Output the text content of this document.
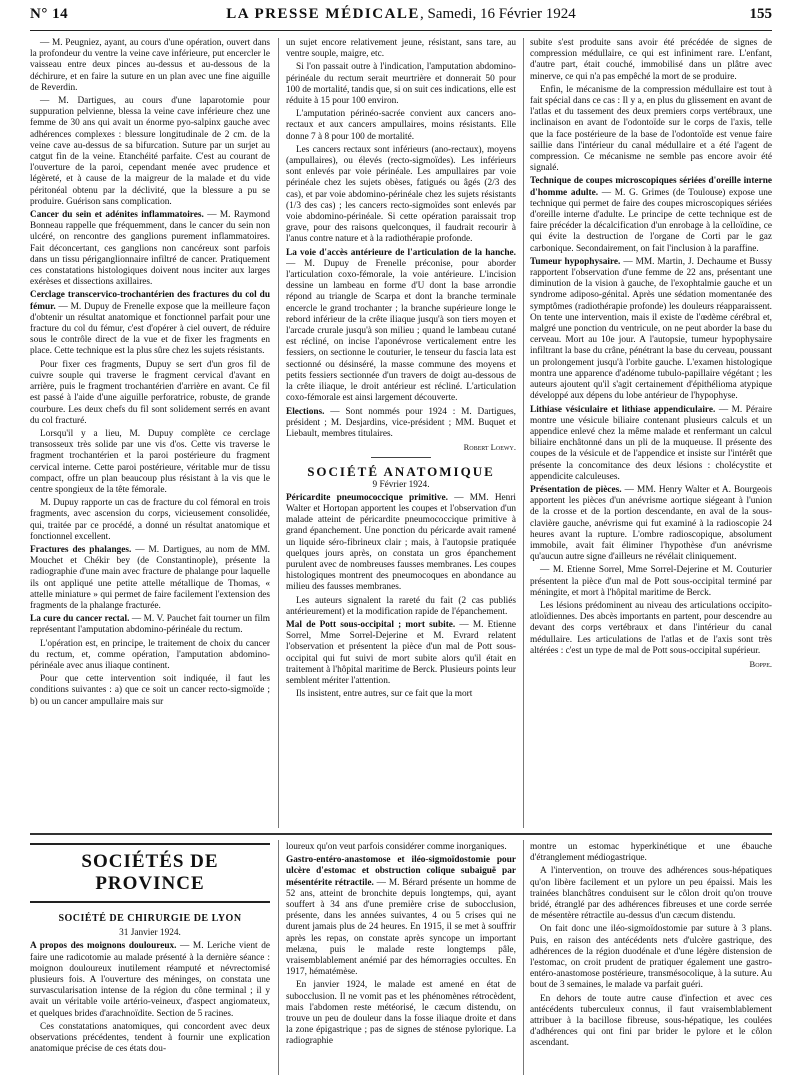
N° 14	LA PRESSE MÉDICALE, Samedi, 16 Février 1924	155

— M. Peugniez, ayant, au cours d'une opération, ouvert dans la profondeur du ventre la veine cave inférieure, put encercler le vaisseau entre deux pinces au-dessus et au-dessous de la déchirure, et en faire la suture en un plan avec une fine aiguille de Reverdin.

— M. Dartigues, au cours d'une laparotomie pour suppuration pelvienne, blessa la veine cave inférieure chez une femme de 30 ans qui avait un énorme pyo-salpinx gauche avec adhérences complexes : blessure longitudinale de 2 cm. de la veine cave au-dessus de sa bifurcation. Suture par un surjet au catgut fin de la veine. Etanchéité parfaite. C'est au courant de l'ouverture de la paroi, cependant menée avec prudence et légèreté, et à cause de la maigreur de la malade et du vide péritonéal obtenu par la déclivité, que la blessure a pu se produire. Guérison sans complication.

Cancer du sein et adénites inflammatoires. — M. Raymond Bonneau rappelle que fréquemment, dans le cancer du sein non ulcéré, on rencontre des ganglions purement inflammatoires. Fait déconcertant, ces ganglions non cancéreux sont parfois dans un tissu périganglionnaire infiltré de cancer. Pratiquement ces constatations histologiques doivent nous inciter aux larges exérèses et dissections axillaires.

Cerclage transcervico-trochantérien des fractures du col du fémur. — M. Dupuy de Frenelle expose que la meilleure façon d'obtenir un résultat anatomique et fonctionnel parfait pour une fracture du col du fémur, c'est d'opérer à ciel ouvert, de réduire sous le contrôle direct de la vue et de fixer les fragments en place. Cette technique est la plus sûre chez les sujets résistants.

Pour fixer ces fragments, Dupuy se sert d'un gros fil de cuivre souple qui traverse le fragment cervical d'avant en arrière, puis le fragment trochantérien d'arrière en avant. Ce fil est passé à l'aide d'une aiguille perforatrice, robuste, de grande courbure. Les deux chefs du fil sont solidement serrés en avant du col fracturé.

Lorsqu'il y a lieu, M. Dupuy complète ce cerclage transosseux très solide par une vis d'os. Cette vis traverse le fragment trochantérien et la paroi postérieure du fragment cervical interne. Cette paroi postérieure, véritable mur de tissu compact, offre un plan beaucoup plus résistant à la vis que le centre spongieux de la tête fémorale.

M. Dupuy rapporte un cas de fracture du col fémoral en trois fragments, avec ascension du corps, vicieusement consolidée, qui, traitée par ce procédé, a donné un résultat anatomique et fonctionnel excellent.

Fractures des phalanges. — M. Dartigues, au nom de MM. Mouchet et Chékir bey (de Constantinople), présente la radiographie d'une main avec fracture de phalange pour laquelle ils ont appliqué une petite attelle métallique de Thomas, « attelle miniature » qui permet de faire facilement l'extension des fragments de la phalange fracturée.

La cure du cancer rectal. — M. V. Pauchet fait tourner un film représentant l'amputation abdomino-périnéale du rectum.

L'opération est, en principe, le traitement de choix du cancer du rectum, et, comme opération, l'amputation abdomino-périnéale avec anus iliaque continent.

Pour que cette intervention soit indiquée, il faut les conditions suivantes : a) que ce soit un cancer recto-sigmoïde ; b) ou un cancer ampullaire mais sur

un sujet encore relativement jeune, résistant, sans tare, au ventre souple, maigre, etc.

Si l'on passait outre à l'indication, l'amputation abdomino-périnéale du rectum serait meurtrière et donnerait 50 pour 100 de mortalité, tandis que, si on suit ces indications, elle est réduite à 15 pour 100 environ.

L'amputation périnéo-sacrée convient aux cancers ano-rectaux et aux cancers ampullaires, moins résistants. Elle donne 7 à 8 pour 100 de mortalité.

Les cancers rectaux sont inférieurs (ano-rectaux), moyens (ampullaires), ou élevés (recto-sigmoïdes). Les inférieurs sont enlevés par voie périnéale. Les ampullaires par voie périnéale chez les sujets obèses, fatigués ou âgés (2/3 des cas), et par voie abdomino-périnéale chez les sujets résistants (1/3 des cas) ; les cancers recto-sigmoïdes sont enlevés par voie abdomino-périnéale. Si cette opération paraissait trop grave, pour des raisons quelconques, il faudrait recourir à l'anus contre nature et à la radiothérapie profonde.

La voie d'accès antérieure de l'articulation de la hanche. — M. Dupuy de Frenelle préconise, pour aborder l'articulation coxo-fémorale, la voie antérieure. L'incision dessine un lambeau en forme d'U dont la base arrondie répond au triangle de Scarpa et dont la branche terminale encercle le grand trochanter ; la branche supérieure longe le rebord inférieur de la crête iliaque jusqu'à son tiers moyen et l'arcade crurale jusqu'à son milieu ; quand le lambeau cutané est récliné, on incise l'aponévrose verticalement entre les fessiers, on sectionne le couturier, le tenseur du fascia lata est sectionné ou désinséré, la masse commune des moyens et petits fessiers sectionnée d'un travers de doigt au-dessous de la crête iliaque, le droit antérieur est récliné. L'articulation coxo-fémorale est ainsi largement découverte.

Elections. — Sont nommés pour 1924 : M. Dartigues, président ; M. Desjardins, vice-président ; MM. Buquet et Liebault, membres titulaires.

Robert Loewy.
SOCIÉTÉ ANATOMIQUE

9 Février 1924.

Péricardite pneumococcique primitive. — MM. Henri Walter et Hortopan apportent les coupes et l'observation d'un malade atteint de péricardite pneumococcique primitive à grand épanchement. Une ponction du péricarde avait ramené un liquide séro-fibrineux clair ; mais, à l'autopsie pratiquée quelques jours après, on constata un gros épanchement purulent avec de nombreuses fausses membranes. Les coupes histologiques montrent des pneumocoques en abondance au milieu des fausses membranes.

Les auteurs signalent la rareté du fait (2 cas publiés antérieurement) et la modification rapide de l'épanchement.

Mal de Pott sous-occipital ; mort subite. — M. Etienne Sorrel, Mme Sorrel-Dejerine et M. Evrard relatent l'observation et présentent la pièce d'un mal de Pott sous-occipital qui fut suivi de mort subite alors qu'il était en traitement à l'hôpital maritime de Berck. Plusieurs points leur semblent mériter l'attention.

Ils insistent, entre autres, sur ce fait que la mort

subite s'est produite sans avoir été précédée de signes de compression médullaire, ce qui est infiniment rare. L'enfant, d'autre part, était couché, immobilisé dans un plâtre avec minerve, ce qui n'a pas empêché la mort de se produire.

Enfin, le mécanisme de la compression médullaire est tout à fait spécial dans ce cas : Il y a, en plus du glissement en avant de l'atlas et du tassement des deux premiers corps vertébraux, une inclinaison en avant de l'odontoïde sur le corps de l'axis, telle que la face postérieure de la base de l'odontoïde est venue faire saillie dans l'intérieur du canal médullaire et a été l'agent de compression. Ce mécanisme ne semble pas encore avoir été signalé.

Technique de coupes microscopiques sériées d'oreille interne d'homme adulte. — M. G. Grimes (de Toulouse) expose une technique qui permet de faire des coupes microscopiques sériées d'oreille interne d'adulte. Le principe de cette technique est de faire précéder la décalcification d'un enrobage à la celloïdine, ce qui évite la destruction de l'organe de Corti par le gaz carbonique. Secondairement, on fait l'inclusion à la paraffine.

Tumeur hypophysaire. — MM. Martin, J. Dechaume et Bussy rapportent l'observation d'une femme de 22 ans, présentant une diminution de la vision à gauche, de l'exophtalmie gauche et un syndrome adiposo-génital. Après une sédation momentanée des symptômes (radiothérapie profonde) les douleurs réapparaissent. On tente une intervention, mais il existe de l'œdème cérébral et, malgré une ponction du ventricule, on ne peut aborder la base du cerveau. Mort au 10e jour. A l'autopsie, tumeur hypophysaire infiltrant la base du crâne, pénétrant la base du cerveau, poussant un prolongement jusqu'à l'orbite gauche. L'examen histologique montra une apparence d'adénome tubulo-papillaire végétant ; les auteurs ajoutent qu'il s'agit certainement d'épithélioma atypique développé aux dépens du lobe antérieur de l'hypophyse.

Lithiase vésiculaire et lithiase appendiculaire. — M. Péraire montre une vésicule biliaire contenant plusieurs calculs et un appendice enlevé chez la même malade et renfermant un calcul biliaire enchâtonné dans un pli de la muqueuse. Il présente des coupes de la vésicule et de l'appendice et insiste sur l'intérêt que présente la concomitance des deux lésions : cholécystite et appendicite calculeuses.

Présentation de pièces. — MM. Henry Walter et A. Bourgeois apportent les pièces d'un anévrisme aortique siégeant à l'union de la crosse et de la portion descendante, en aval de la sous-clavière gauche, anévrisme qui fut examiné à la radioscopie 24 heures avant la rupture. L'ombre radioscopique, absolument immobile, avait fait éliminer l'hypothèse d'un anévrisme qu'aucun autre signe d'ailleurs ne révélait cliniquement.

— M. Etienne Sorrel, Mme Sorrel-Dejerine et M. Couturier présentent la pièce d'un mal de Pott sous-occipital terminé par méningite, et mort à l'hôpital maritime de Berck.

Les lésions prédominent au niveau des articulations occipito-atloïdiennes. Des abcès importants en partent, pour descendre au devant des corps vertébraux et dans l'intérieur du canal médullaire. Les articulations de l'atlas et de l'axis sont très altérées : c'est un type de mal de Pott sous-occipital supérieur.

Boppe.
SOCIÉTÉS DE PROVINCE
SOCIÉTÉ DE CHIRURGIE DE LYON

31 Janvier 1924.

A propos des moignons douloureux. — M. Leriche vient de faire une radicotomie au malade présenté à la dernière séance : moignon douloureux inutilement réamputé et névrectomisé plusieurs fois. A l'ouverture des méninges, on constata une survascularisation intense de la région du cône terminal ; il y avait un véritable voile artério-veineux, d'aspect angiomateux, et quelques brides d'arachnoïdite. Section de 5 racines.

Ces constatations anatomiques, qui concordent avec deux observations précédentes, tendent à fournir une explication anatomique précise de ces états dou-

loureux qu'on veut parfois considérer comme inorganiques.

Gastro-entéro-anastomose et iléo-sigmoïdostomie pour ulcère d'estomac et obstruction colique subaiguë par mésentérite rétractile. — M. Bérard présente un homme de 52 ans, atteint de bronchite depuis longtemps, qui, ayant souffert à 34 ans d'une première crise de subocclusion, présente, dans les années suivantes, 4 ou 5 crises qui ne durent jamais plus de 24 heures. En 1915, il se met à souffrir après les repas, on constate après syncope un important melæna, puis le malade reste longtemps pâle, vraisemblablement anémié par des hémorragies occultes. En 1917, hématémèse.

En janvier 1924, le malade est amené en état de subocclusion. Il ne vomit pas et les phénomènes rétrocèdent, mais l'abdomen reste météorisé, le cæcum distendu, on trouve un peu de douleur dans la fosse iliaque droite et dans la zone épigastrique ; pas de signes de sténose pylorique. La radiographie

montre un estomac hyperkinétique et une ébauche d'étranglement médiogastrique.

A l'intervention, on trouve des adhérences sous-hépatiques qu'on libère facilement et un pylore un peu épaissi. Mais les trainées blanchâtres conduisent sur le côlon droit qu'on trouve bridé, étranglé par des adhérences fibreuses et une corde serrée de mésentère rétractile au-dessus d'un cæcum distendu.

On fait donc une iléo-sigmoïdostomie par suture à 3 plans. Puis, en raison des antécédents nets d'ulcère gastrique, des adhérences de la région duodénale et d'une légère distension de l'estomac, on croit prudent de pratiquer également une gastro-entéro-anastomose postérieure, transmésocolique, à la suture. Au bout de 3 semaines, le malade va parfait guéri.

En dehors de toute autre cause d'infection et avec ces antécédents tuberculeux connus, il faut vraisemblablement attribuer à la bacillose fibreuse, sous-hépatique, les coulées d'adhérences qui ont fini par brider le pylore et le côlon ascendant.
